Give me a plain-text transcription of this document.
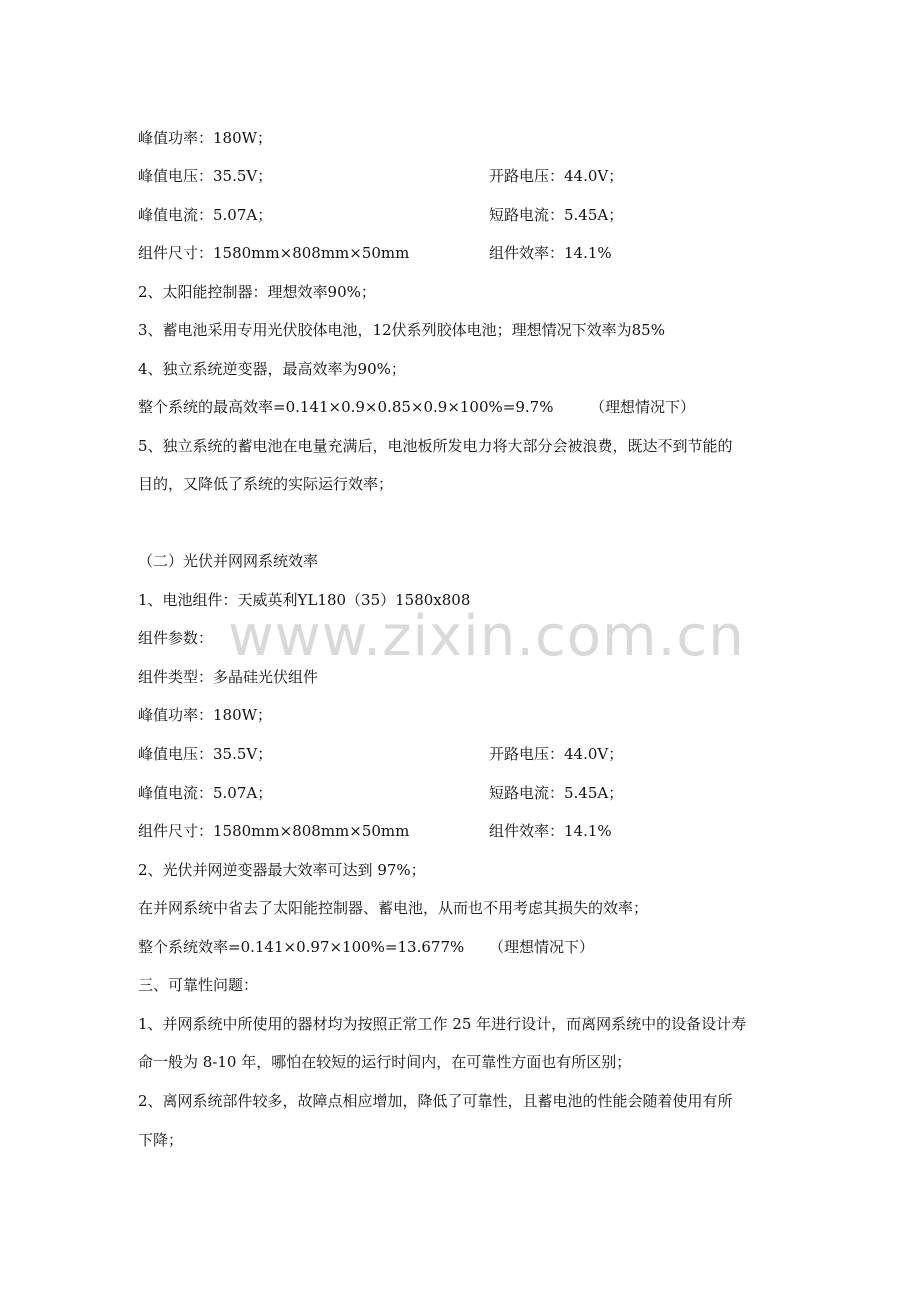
www.zixin.com.cn
峰值功率：180W；
峰值电压：35.5V；	开路电压：44.0V；
峰值电流：5.07A；	短路电流：5.45A；
组件尺寸：1580mm×808mm×50mm	组件效率：14.1%
2、太阳能控制器：理想效率90%；
3、蓄电池采用专用光伏胶体电池，12伏系列胶体电池；理想情况下效率为85%
4、独立系统逆变器，最高效率为90%；
整个系统的最高效率=0.141×0.9×0.85×0.9×100%=9.7% （理想情况下）
5、独立系统的蓄电池在电量充满后，电池板所发电力将大部分会被浪费，既达不到节能的
目的，又降低了系统的实际运行效率；
（二）光伏并网网系统效率
1、电池组件：天威英利YL180（35）1580x808
组件参数：
组件类型：多晶硅光伏组件
峰值功率：180W；
峰值电压：35.5V；	开路电压：44.0V；
峰值电流：5.07A；	短路电流：5.45A；
组件尺寸：1580mm×808mm×50mm	组件效率：14.1%
2、光伏并网逆变器最大效率可达到 97%；
在并网系统中省去了太阳能控制器、蓄电池，从而也不用考虑其损失的效率；
整个系统效率=0.141×0.97×100%=13.677% （理想情况下）
三、可靠性问题：
1、并网系统中所使用的器材均为按照正常工作 25 年进行设计，而离网系统中的设备设计寿
命一般为 8-10 年，哪怕在较短的运行时间内，在可靠性方面也有所区别；
2、离网系统部件较多，故障点相应增加，降低了可靠性，且蓄电池的性能会随着使用有所
下降；
